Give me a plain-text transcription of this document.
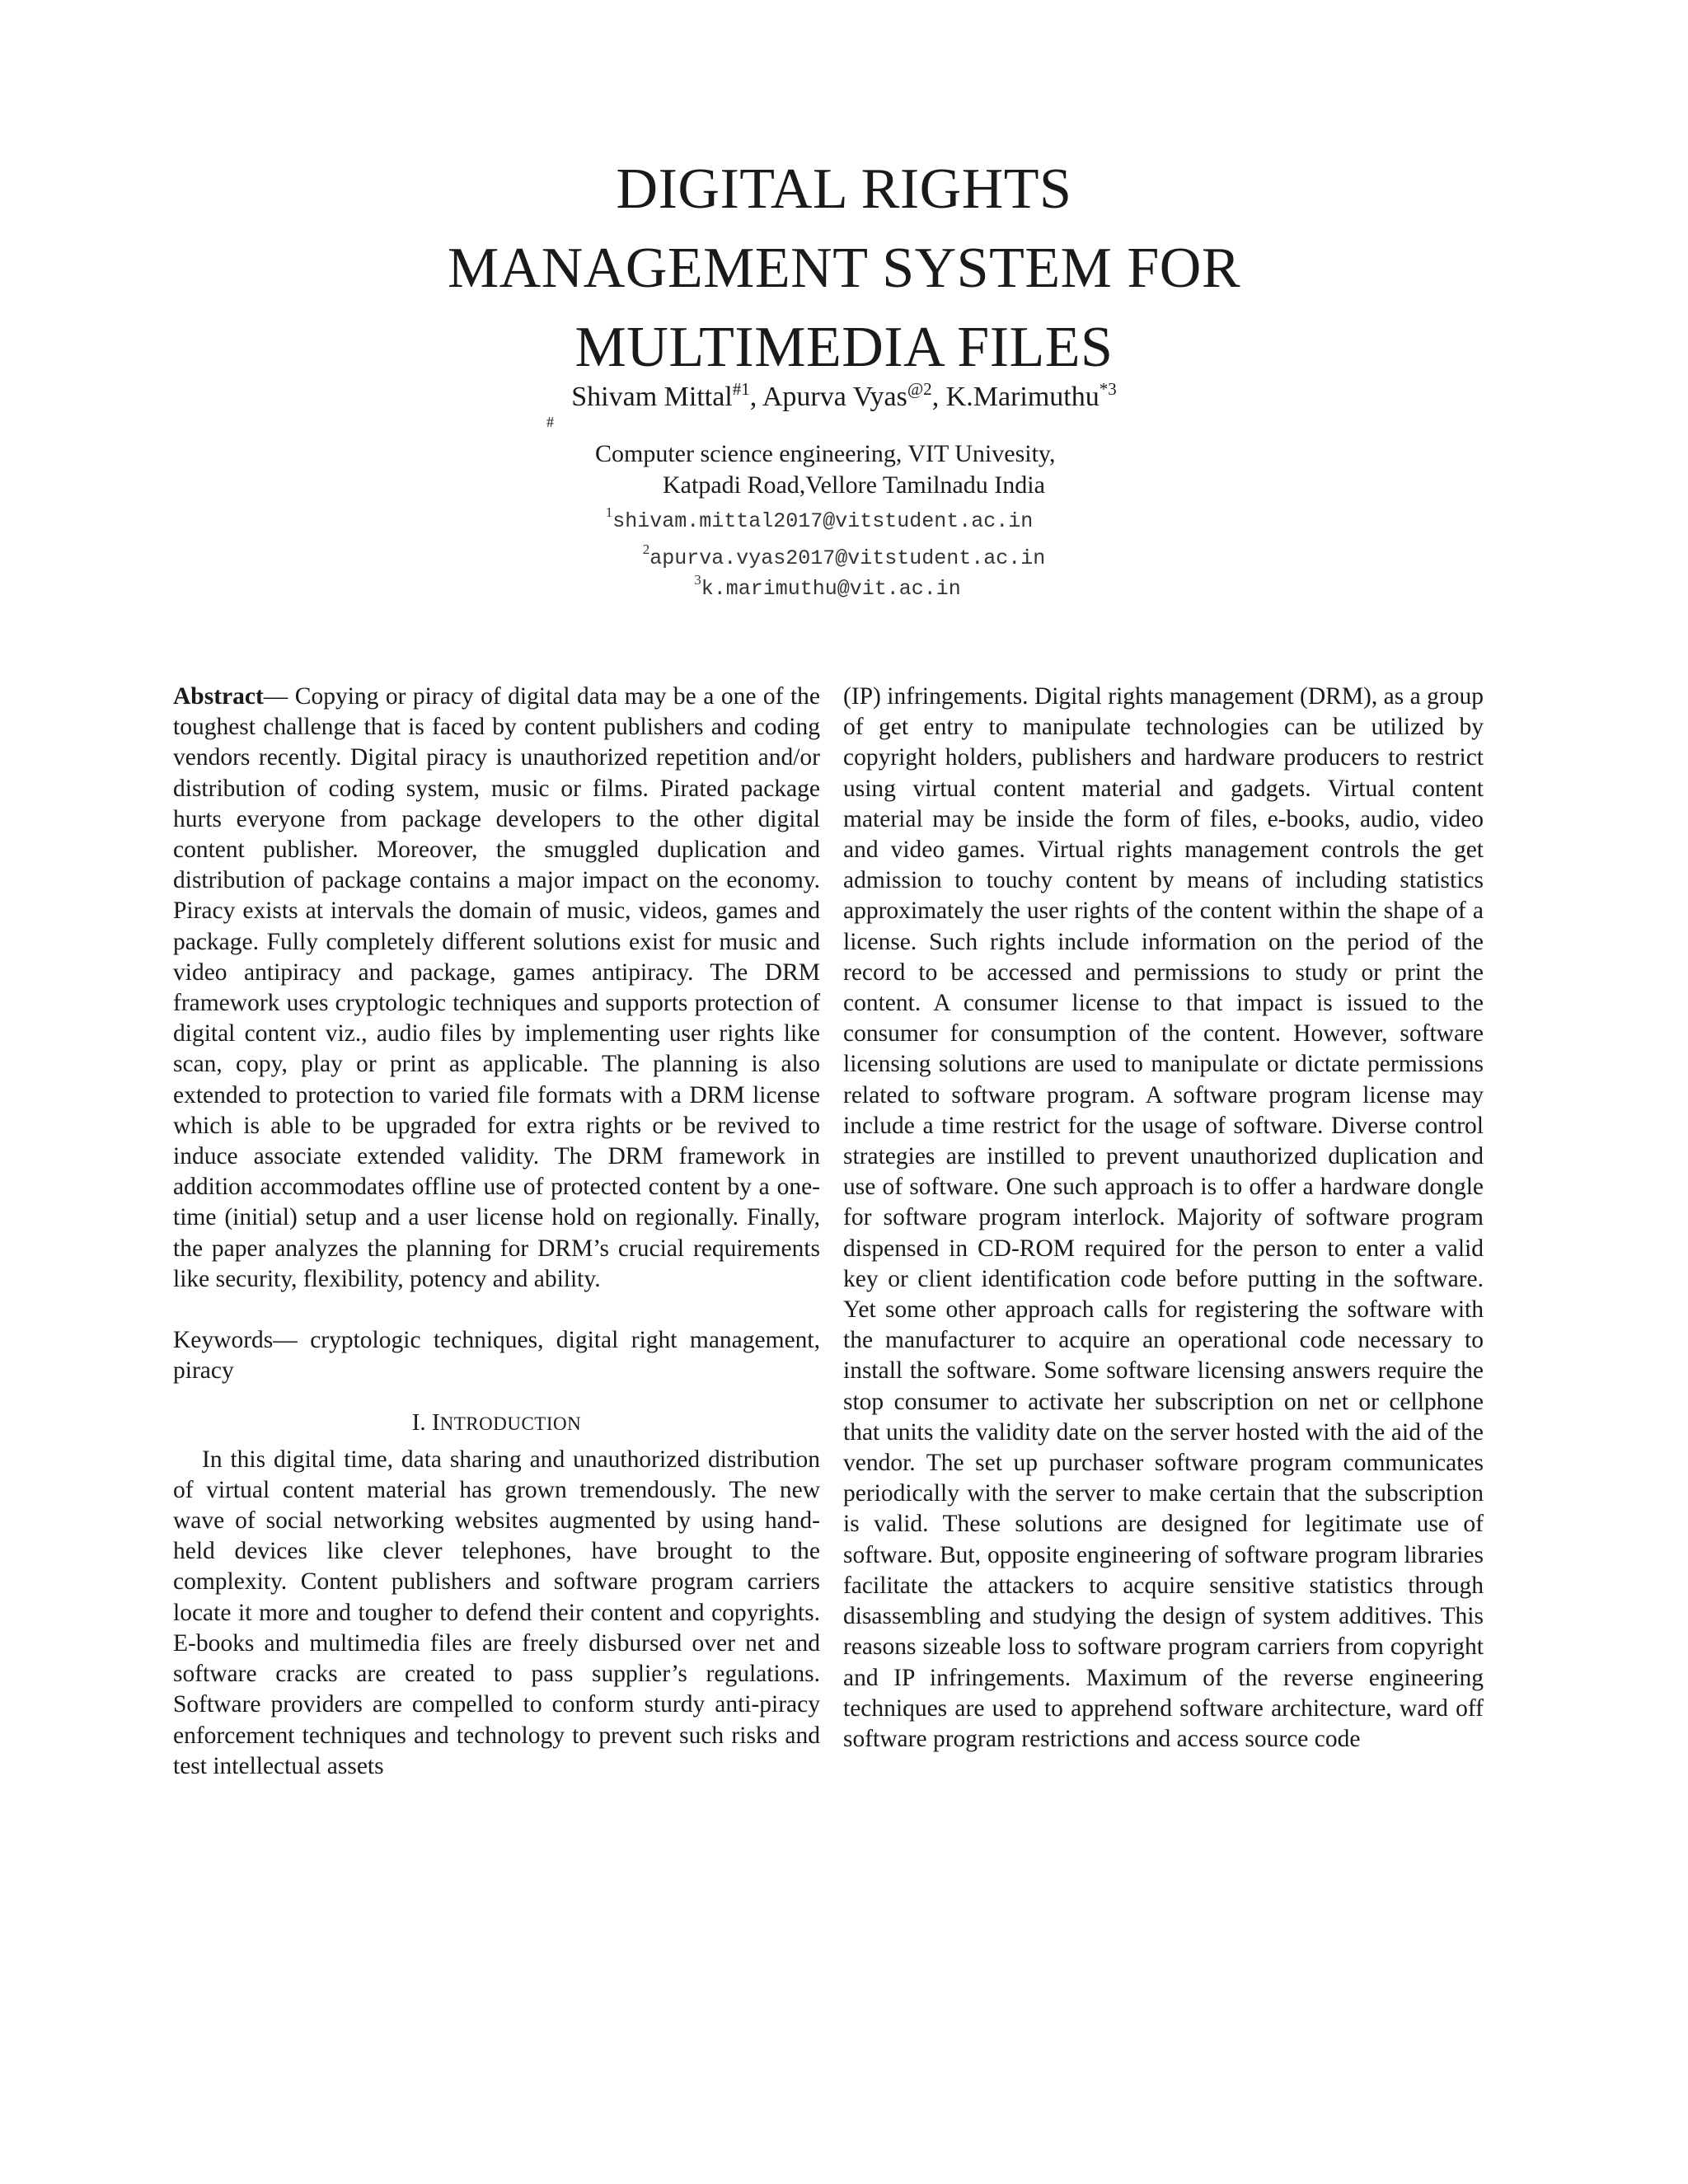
DIGITAL RIGHTS
MANAGEMENT SYSTEM FOR
MULTIMEDIA FILES
Shivam Mittal$^{\#1}$, Apurva Vyas$^{@2}$, K.Marimuthu$^{*3}$
#
Computer science engineering, VIT Univesity,
Katpadi Road,Vellore Tamilnadu India
$^1$shivam.mittal2017@vitstudent.ac.in
$^2$apurva.vyas2017@vitstudent.ac.in
$^3$k.marimuthu@vit.ac.in

Abstract— Copying or piracy of digital data may be a one of the toughest challenge that is faced by content publishers and coding vendors recently. Digital piracy is unauthorized repetition and/or distribution of coding system, music or films. Pirated package hurts everyone from package developers to the other digital content publisher. Moreover, the smuggled duplication and distribution of package contains a major impact on the economy. Piracy exists at intervals the domain of music, videos, games and package. Fully completely different solutions exist for music and video antipiracy and package, games antipiracy. The DRM framework uses cryptologic techniques and supports protection of digital content viz., audio files by implementing user rights like scan, copy, play or print as applicable. The planning is also extended to protection to varied file formats with a DRM license which is able to be upgraded for extra rights or be revived to induce associate extended validity. The DRM framework in addition accommodates offline use of protected content by a one-time (initial) setup and a user license hold on regionally. Finally, the paper analyzes the planning for DRM’s crucial requirements like security, flexibility, potency and ability.

Keywords— cryptologic techniques, digital right management, piracy

I. INTRODUCTION

In this digital time, data sharing and unauthorized distribution of virtual content material has grown tremendously. The new wave of social networking websites augmented by using hand-held devices like clever telephones, have brought to the complexity. Content publishers and software program carriers locate it more and tougher to defend their content and copyrights. E-books and multimedia files are freely disbursed over net and software cracks are created to pass supplier’s regulations. Software providers are compelled to conform sturdy anti-piracy enforcement techniques and technology to prevent such risks and test intellectual assets

(IP) infringements. Digital rights management (DRM), as a group of get entry to manipulate technologies can be utilized by copyright holders, publishers and hardware producers to restrict using virtual content material and gadgets. Virtual content material may be inside the form of files, e-books, audio, video and video games. Virtual rights management controls the get admission to touchy content by means of including statistics approximately the user rights of the content within the shape of a license. Such rights include information on the period of the record to be accessed and permissions to study or print the content. A consumer license to that impact is issued to the consumer for consumption of the content. However, software licensing solutions are used to manipulate or dictate permissions related to software program. A software program license may include a time restrict for the usage of software. Diverse control strategies are instilled to prevent unauthorized duplication and use of software. One such approach is to offer a hardware dongle for software program interlock. Majority of software program dispensed in CD-ROM required for the person to enter a valid key or client identification code before putting in the software. Yet some other approach calls for registering the software with the manufacturer to acquire an operational code necessary to install the software. Some software licensing answers require the stop consumer to activate her subscription on net or cellphone that units the validity date on the server hosted with the aid of the vendor. The set up purchaser software program communicates periodically with the server to make certain that the subscription is valid. These solutions are designed for legitimate use of software. But, opposite engineering of software program libraries facilitate the attackers to acquire sensitive statistics through disassembling and studying the design of system additives. This reasons sizeable loss to software program carriers from copyright and IP infringements. Maximum of the reverse engineering techniques are used to apprehend software architecture, ward off software program restrictions and access source code
